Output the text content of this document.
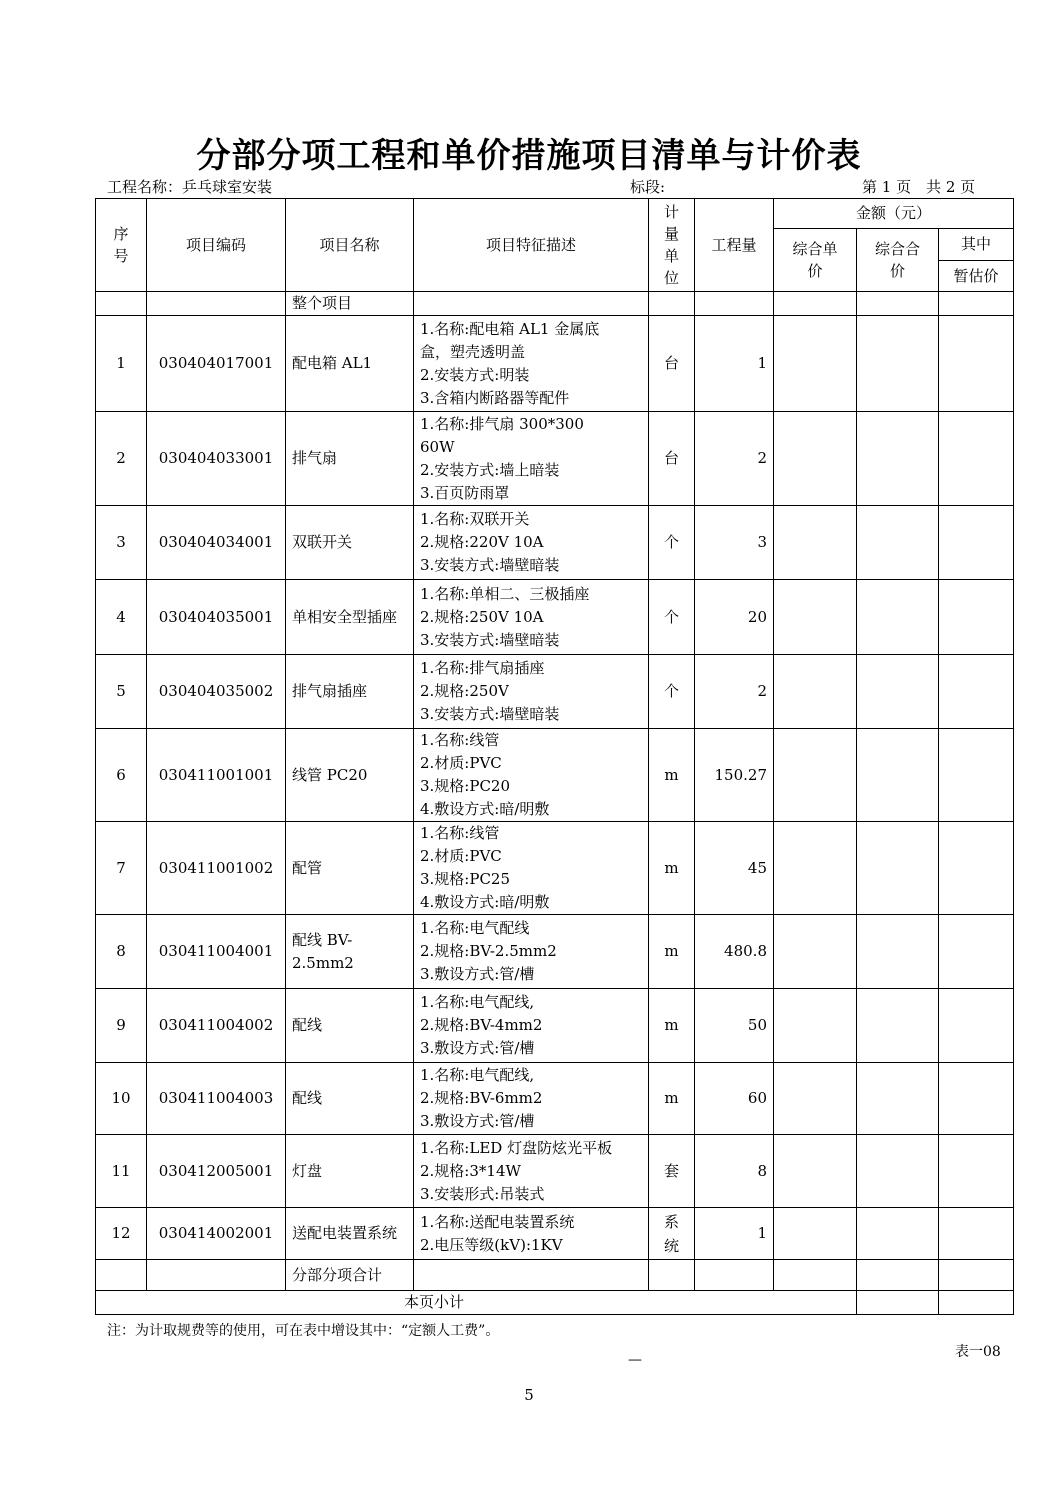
分部分项工程和单价措施项目清单与计价表
工程名称：乒乓球室安装	标段:	第 1 页　共 2 页
序号	项目编码	项目名称	项目特征描述	计量单位	工程量	金额（元）		
						综合单价	综合合价	其中
								暂估价
		整个项目						
1	030404017001	配电箱 AL1	1.名称:配电箱 AL1 金属底
盒，塑壳透明盖
2.安装方式:明装
3.含箱内断路器等配件	台	1			
2	030404033001	排气扇	1.名称:排气扇 300*300
60W
2.安装方式:墙上暗装
3.百页防雨罩	台	2			
3	030404034001	双联开关	1.名称:双联开关
2.规格:220V 10A
3.安装方式:墙壁暗装	个	3			
4	030404035001	单相安全型插座	1.名称:单相二、三极插座
2.规格:250V 10A
3.安装方式:墙壁暗装	个	20			
5	030404035002	排气扇插座	1.名称:排气扇插座
2.规格:250V
3.安装方式:墙壁暗装	个	2			
6	030411001001	线管 PC20	1.名称:线管
2.材质:PVC
3.规格:PC20
4.敷设方式:暗/明敷	m	150.27			
7	030411001002	配管	1.名称:线管
2.材质:PVC
3.规格:PC25
4.敷设方式:暗/明敷	m	45			
8	030411004001	配线 BV-2.5mm2	1.名称:电气配线
2.规格:BV-2.5mm2
3.敷设方式:管/槽	m	480.8			
9	030411004002	配线	1.名称:电气配线,
2.规格:BV-4mm2
3.敷设方式:管/槽	m	50			
10	030411004003	配线	1.名称:电气配线,
2.规格:BV-6mm2
3.敷设方式:管/槽	m	60			
11	030412005001	灯盘	1.名称:LED 灯盘防炫光平板
2.规格:3*14W
3.安装形式:吊装式	套	8			
12	030414002001	送配电装置系统	1.名称:送配电装置系统
2.电压等级(kV):1KV	系统	1			
		分部分项合计						
本页小计								
注：为计取规费等的使用，可在表中增设其中：“定额人工费”。
表一08
—
5
